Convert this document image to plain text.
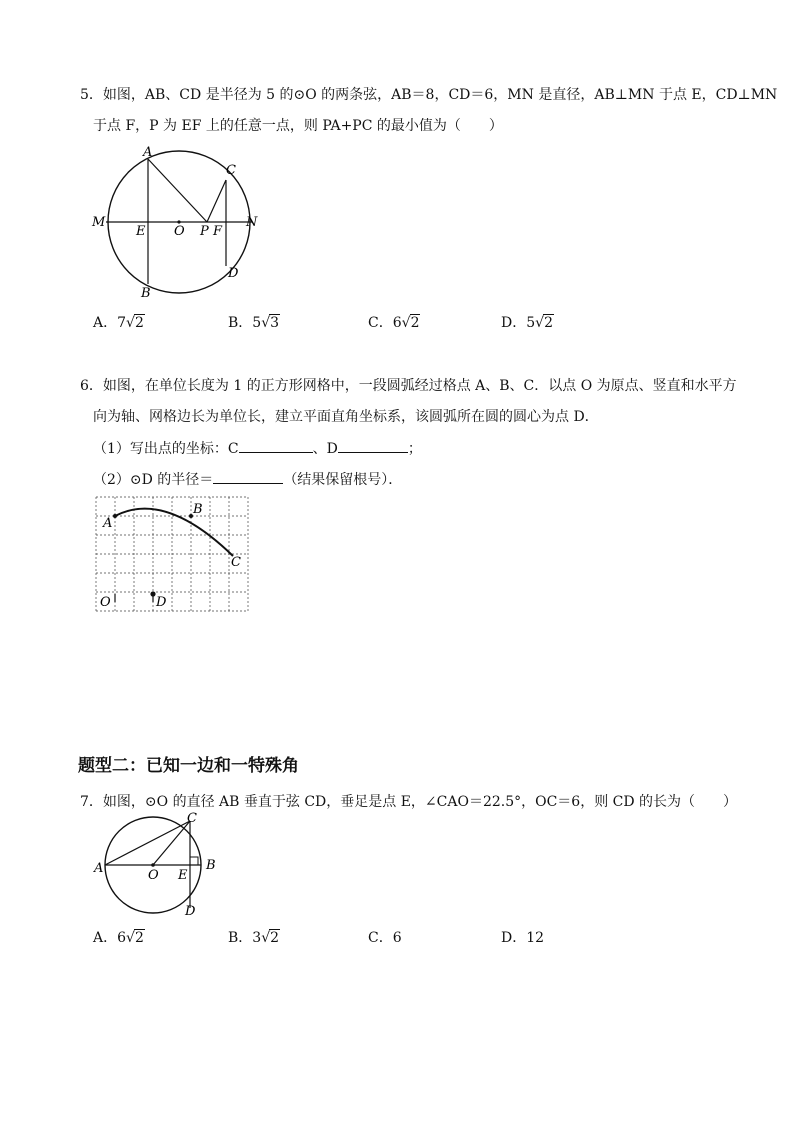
5．如图，AB、CD 是半径为 5 的⊙O 的两条弦，AB＝8，CD＝6，MN 是直径，AB⊥MN 于点 E，CD⊥MN
于点 F，P 为 EF 上的任意一点，则 PA+PC 的最小值为（　　）
A
B
C
D
M	N
E O P F
A．7√2	B．5√3	C．6√2	D．5√2
6．如图，在单位长度为 1 的正方形网格中，一段圆弧经过格点 A、B、C．以点 O 为原点、竖直和水平方
向为轴、网格边长为单位长，建立平面直角坐标系，该圆弧所在圆的圆心为点 D．
（1）写出点的坐标：C	、D	；
（2）⊙D 的半径＝	（结果保留根号）．
A
B
C
O	D
题型二：已知一边和一特殊角
7．如图，⊙O 的直径 AB 垂直于弦 CD，垂足是点 E，∠CAO＝22.5°，OC＝6，则 CD 的长为（　　）
A	B
C
D
O E
A．6√2	B．3√2	C．6	D．12
